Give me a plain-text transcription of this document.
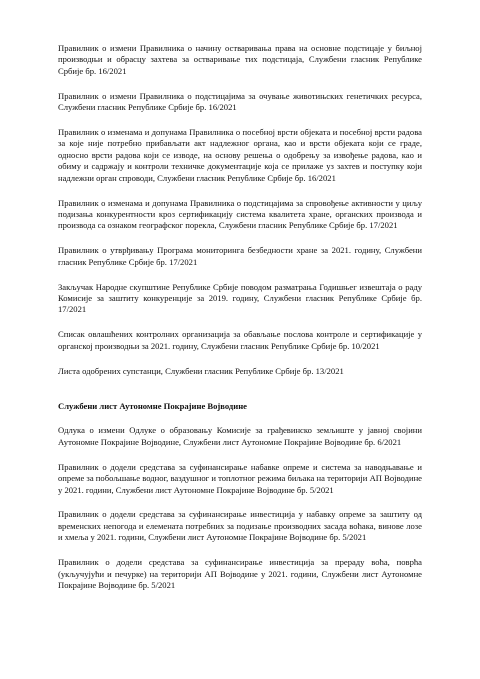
Правилник о измени Правилника о начину остваривања права на основне подстицаје у биљној производњи и обрасцу захтева за остваривање тих подстицаја, Службени гласник Републике Србије бр. 16/2021

Правилник о измени Правилника о подстицајима за очување животињских генетичких ресурса, Службени гласник Републике Србије бр. 16/2021

Правилник о изменама и допунама Правилника о посебној врсти објеката и посебној врсти радова за које није потребно прибављати акт надлежног органа, као и врсти објеката који се граде, односно врсти радова који се изводе, на основу решења о одобрењу за извођење радова, као и обиму и садржају и контроли техничке документације која се прилаже уз захтев и поступку који надлежни орган спроводи, Службени гласник Републике Србије бр. 16/2021

Правилник о изменама и допунама Правилника о подстицајима за спровођење активности у циљу подизања конкурентности кроз сертификацију система квалитета хране, органских производа и производа са ознаком географског порекла, Службени гласник Републике Србије бр. 17/2021

Правилник о утврђивању Програма мониторинга безбедности хране за 2021. годину, Службени гласник Републике Србије бр. 17/2021

Закључак Народне скупштине Републике Србије поводом разматрања Годишњег извештаја о раду Комисије за заштиту конкуренције за 2019. годину, Службени гласник Републике Србије бр. 17/2021

Списак овлашћених контролних организација за обављање послова контроле и сертификације у органској производњи за 2021. годину, Службени гласник Републике Србије бр. 10/2021

Листа одобрених супстанци, Службени гласник Републике Србије бр. 13/2021

Службени лист Аутономне Покрајине Војводине

Одлука о измени Одлуке о образовању Комисије за грађевинско земљиште у јавној својини Аутономне Покрајине Војводине, Службени лист Аутономне Покрајине Војводине бр. 6/2021

Правилник о додели средстава за суфинансирање набавке опреме и система за наводњавање и опреме за побољшање водног, ваздушног и топлотног режима биљака на територији АП Војводине у 2021. години, Службени лист Аутономне Покрајине Војводине бр. 5/2021

Правилник о додели средстава за суфинансирање инвестиција у набавку опреме за заштиту од временских непогода и елемената потребних за подизање производних засада воћака, винове лозе и хмеља у 2021. години, Службени лист Аутономне Покрајине Војводине бр. 5/2021

Правилник о додели средстава за суфинансирање инвестиција за прераду воћа, поврћа (укључујући и печурке) на територији АП Војводине у 2021. години, Службени лист Аутономне Покрајине Војводине бр. 5/2021
